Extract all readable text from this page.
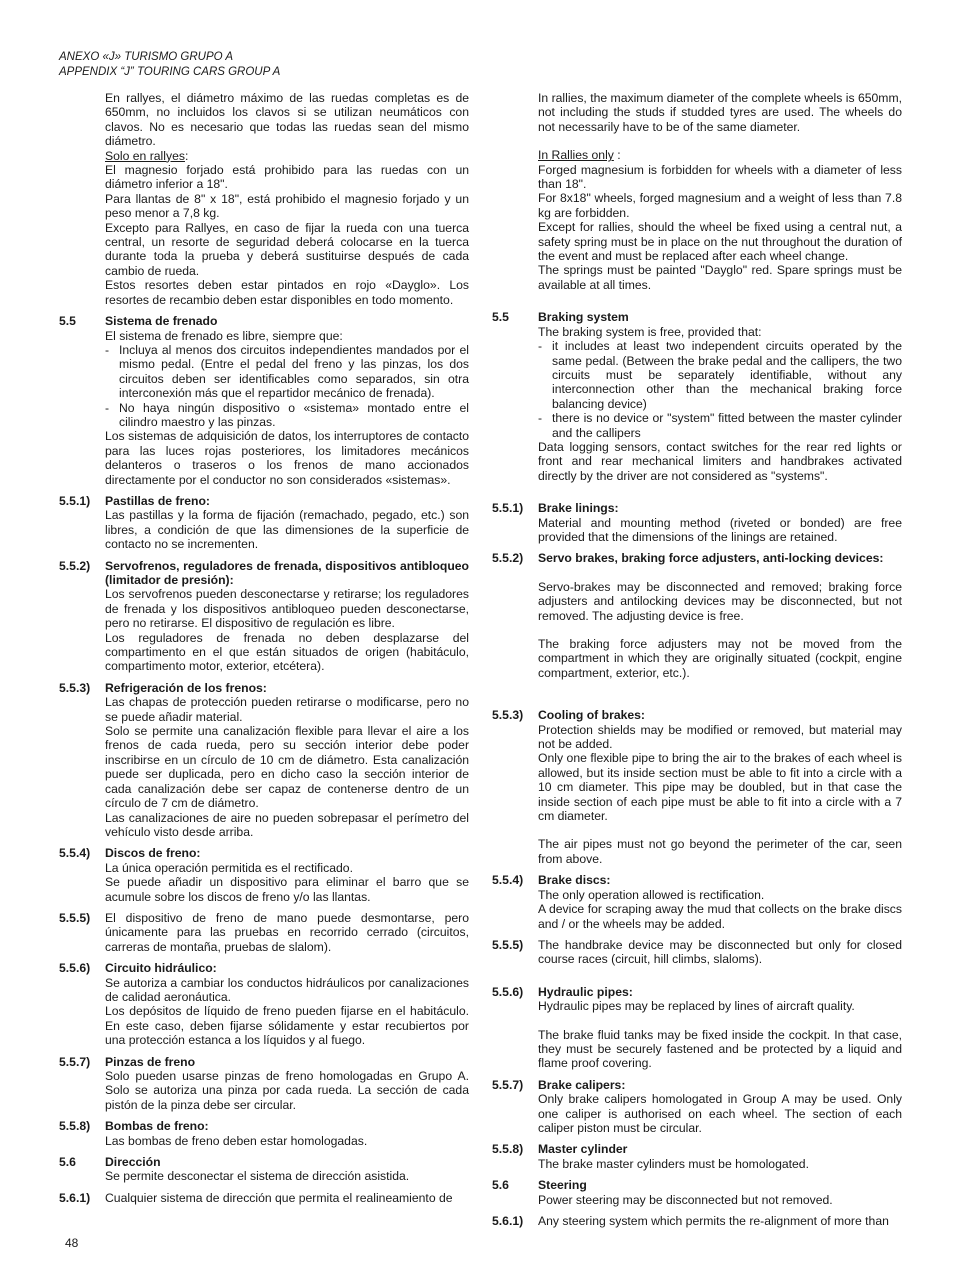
ANEXO «J» TURISMO GRUPO A
APPENDIX “J” TOURING CARS GROUP A

En rallyes, el diámetro máximo de las ruedas completas es de 650mm, no incluidos los clavos si se utilizan neumáticos con clavos. No es necesario que todas las ruedas sean del mismo diámetro.

Solo en rallyes:

El magnesio forjado está prohibido para las ruedas con un diámetro inferior a 18".

Para llantas de 8" x 18", está prohibido el magnesio forjado y un peso menor a 7,8 kg.

Excepto para Rallyes, en caso de fijar la rueda con una tuerca central, un resorte de seguridad deberá colocarse en la tuerca durante toda la prueba y deberá sustituirse después de cada cambio de rueda.

Estos resortes deben estar pintados en rojo «Dayglo». Los resortes de recambio deben estar disponibles en todo momento.

5.5	Sistema de frenado

El sistema de frenado es libre, siempre que:

- Incluya al menos dos circuitos independientes mandados por el mismo pedal. (Entre el pedal del freno y las pinzas, los dos circuitos deben ser identificables como separados, sin otra interconexión más que el repartidor mecánico de frenada).
- No haya ningún dispositivo o «sistema» montado entre el cilindro maestro y las pinzas.

Los sistemas de adquisición de datos, los interruptores de contacto para las luces rojas posteriores, los limitadores mecánicos delanteros o traseros o los frenos de mano accionados directamente por el conductor no son considerados «sistemas».

5.5.1)	Pastillas de freno:

Las pastillas y la forma de fijación (remachado, pegado, etc.) son libres, a condición de que las dimensiones de la superficie de contacto no se incrementen.

5.5.2)	Servofrenos, reguladores de frenada, dispositivos antibloqueo (limitador de presión):

Los servofrenos pueden desconectarse y retirarse; los reguladores de frenada y los dispositivos antibloqueo pueden desconectarse, pero no retirarse. El dispositivo de regulación es libre.

Los reguladores de frenada no deben desplazarse del compartimento en el que están situados de origen (habitáculo, compartimento motor, exterior, etcétera).

5.5.3)	Refrigeración de los frenos:

Las chapas de protección pueden retirarse o modificarse, pero no se puede añadir material.

Solo se permite una canalización flexible para llevar el aire a los frenos de cada rueda, pero su sección interior debe poder inscribirse en un círculo de 10 cm de diámetro. Esta canalización puede ser duplicada, pero en dicho caso la sección interior de cada canalización debe ser capaz de contenerse dentro de un círculo de 7 cm de diámetro.

Las canalizaciones de aire no pueden sobrepasar el perímetro del vehículo visto desde arriba.

5.5.4)	Discos de freno:

La única operación permitida es el rectificado.

Se puede añadir un dispositivo para eliminar el barro que se acumule sobre los discos de freno y/o las llantas.

5.5.5)	El dispositivo de freno de mano puede desmontarse, pero únicamente para las pruebas en recorrido cerrado (circuitos, carreras de montaña, pruebas de slalom).

5.5.6)	Circuito hidráulico:

Se autoriza a cambiar los conductos hidráulicos por canalizaciones de calidad aeronáutica.

Los depósitos de líquido de freno pueden fijarse en el habitáculo. En este caso, deben fijarse sólidamente y estar recubiertos por una protección estanca a los líquidos y al fuego.

5.5.7)	Pinzas de freno

Solo pueden usarse pinzas de freno homologadas en Grupo A. Solo se autoriza una pinza por cada rueda. La sección de cada pistón de la pinza debe ser circular.

5.5.8)	Bombas de freno:

Las bombas de freno deben estar homologadas.

5.6	Dirección

Se permite desconectar el sistema de dirección asistida.

5.6.1)	Cualquier sistema de dirección que permita el realineamiento de

In rallies, the maximum diameter of the complete wheels is 650mm, not including the studs if studded tyres are used. The wheels do not necessarily have to be of the same diameter.

In Rallies only :

Forged magnesium is forbidden for wheels with a diameter of less than 18".

For 8x18" wheels, forged magnesium and a weight of less than 7.8 kg are forbidden.

Except for rallies, should the wheel be fixed using a central nut, a safety spring must be in place on the nut throughout the duration of the event and must be replaced after each wheel change.

The springs must be painted "Dayglo" red. Spare springs must be available at all times.

5.5	Braking system

The braking system is free, provided that:

- it includes at least two independent circuits operated by the same pedal. (Between the brake pedal and the callipers, the two circuits must be separately identifiable, without any interconnection other than the mechanical braking force balancing device)
- there is no device or "system" fitted between the master cylinder and the callipers

Data logging sensors, contact switches for the rear red lights or front and rear mechanical limiters and handbrakes activated directly by the driver are not considered as "systems".

5.5.1)	Brake linings:

Material and mounting method (riveted or bonded) are free provided that the dimensions of the linings are retained.

5.5.2)	Servo brakes, braking force adjusters, anti-locking devices:

Servo-brakes may be disconnected and removed; braking force adjusters and antilocking devices may be disconnected, but not removed. The adjusting device is free.

The braking force adjusters may not be moved from the compartment in which they are originally situated (cockpit, engine compartment, exterior, etc.).

5.5.3)	Cooling of brakes:

Protection shields may be modified or removed, but material may not be added.

Only one flexible pipe to bring the air to the brakes of each wheel is allowed, but its inside section must be able to fit into a circle with a 10 cm diameter. This pipe may be doubled, but in that case the inside section of each pipe must be able to fit into a circle with a 7 cm diameter.

The air pipes must not go beyond the perimeter of the car, seen from above.

5.5.4)	Brake discs:

The only operation allowed is rectification.

A device for scraping away the mud that collects on the brake discs and / or the wheels may be added.

5.5.5)	The handbrake device may be disconnected but only for closed course races (circuit, hill climbs, slaloms).

5.5.6)	Hydraulic pipes:

Hydraulic pipes may be replaced by lines of aircraft quality.

The brake fluid tanks may be fixed inside the cockpit. In that case, they must be securely fastened and be protected by a liquid and flame proof covering.

5.5.7)	Brake calipers:

Only brake calipers homologated in Group A may be used. Only one caliper is authorised on each wheel. The section of each caliper piston must be circular.

5.5.8)	Master cylinder

The brake master cylinders must be homologated.

5.6	Steering

Power steering may be disconnected but not removed.

5.6.1)	Any steering system which permits the re-alignment of more than

48
